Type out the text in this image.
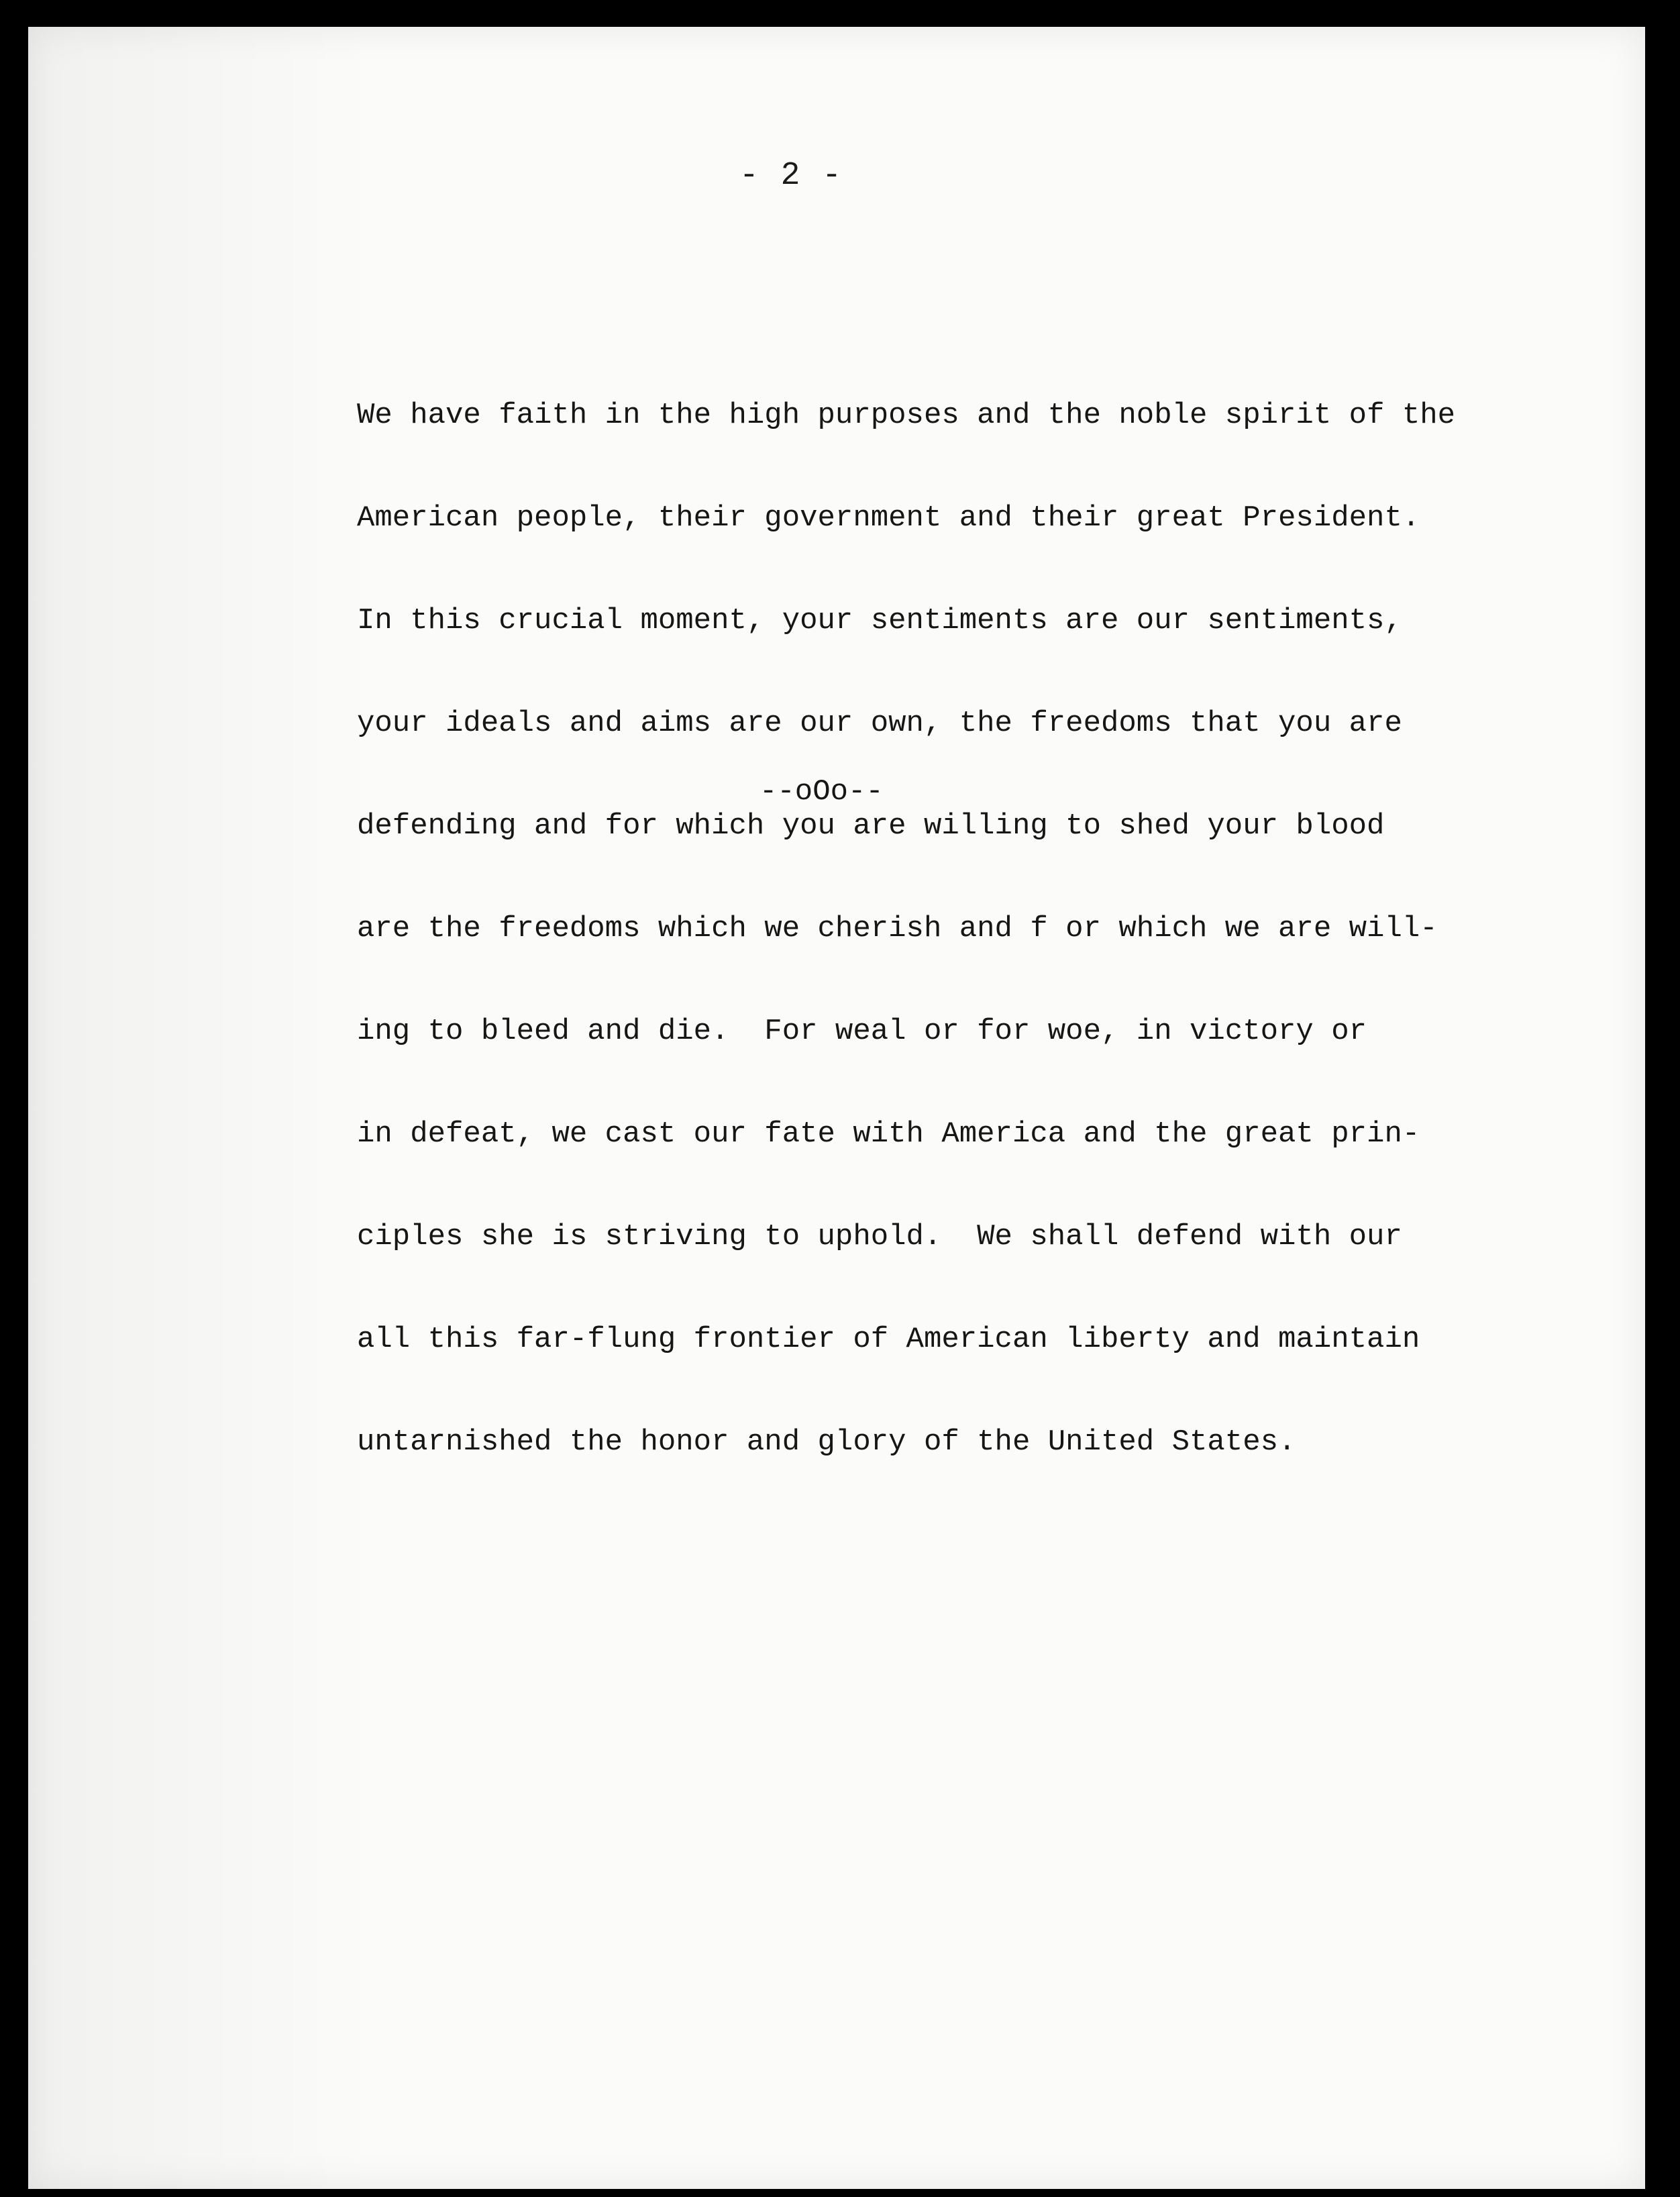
- 2 -

We have faith in the high purposes and the noble spirit of the

American people, their government and their great President.

In this crucial moment, your sentiments are our sentiments,

your ideals and aims are our own, the freedoms that you are

defending and for which you are willing to shed your blood

are the freedoms which we cherish and f or which we are will-

ing to bleed and die.  For weal or for woe, in victory or

in defeat, we cast our fate with America and the great prin-

ciples she is striving to uphold.  We shall defend with our

all this far-flung frontier of American liberty and maintain

untarnished the honor and glory of the United States.

--oOo--
